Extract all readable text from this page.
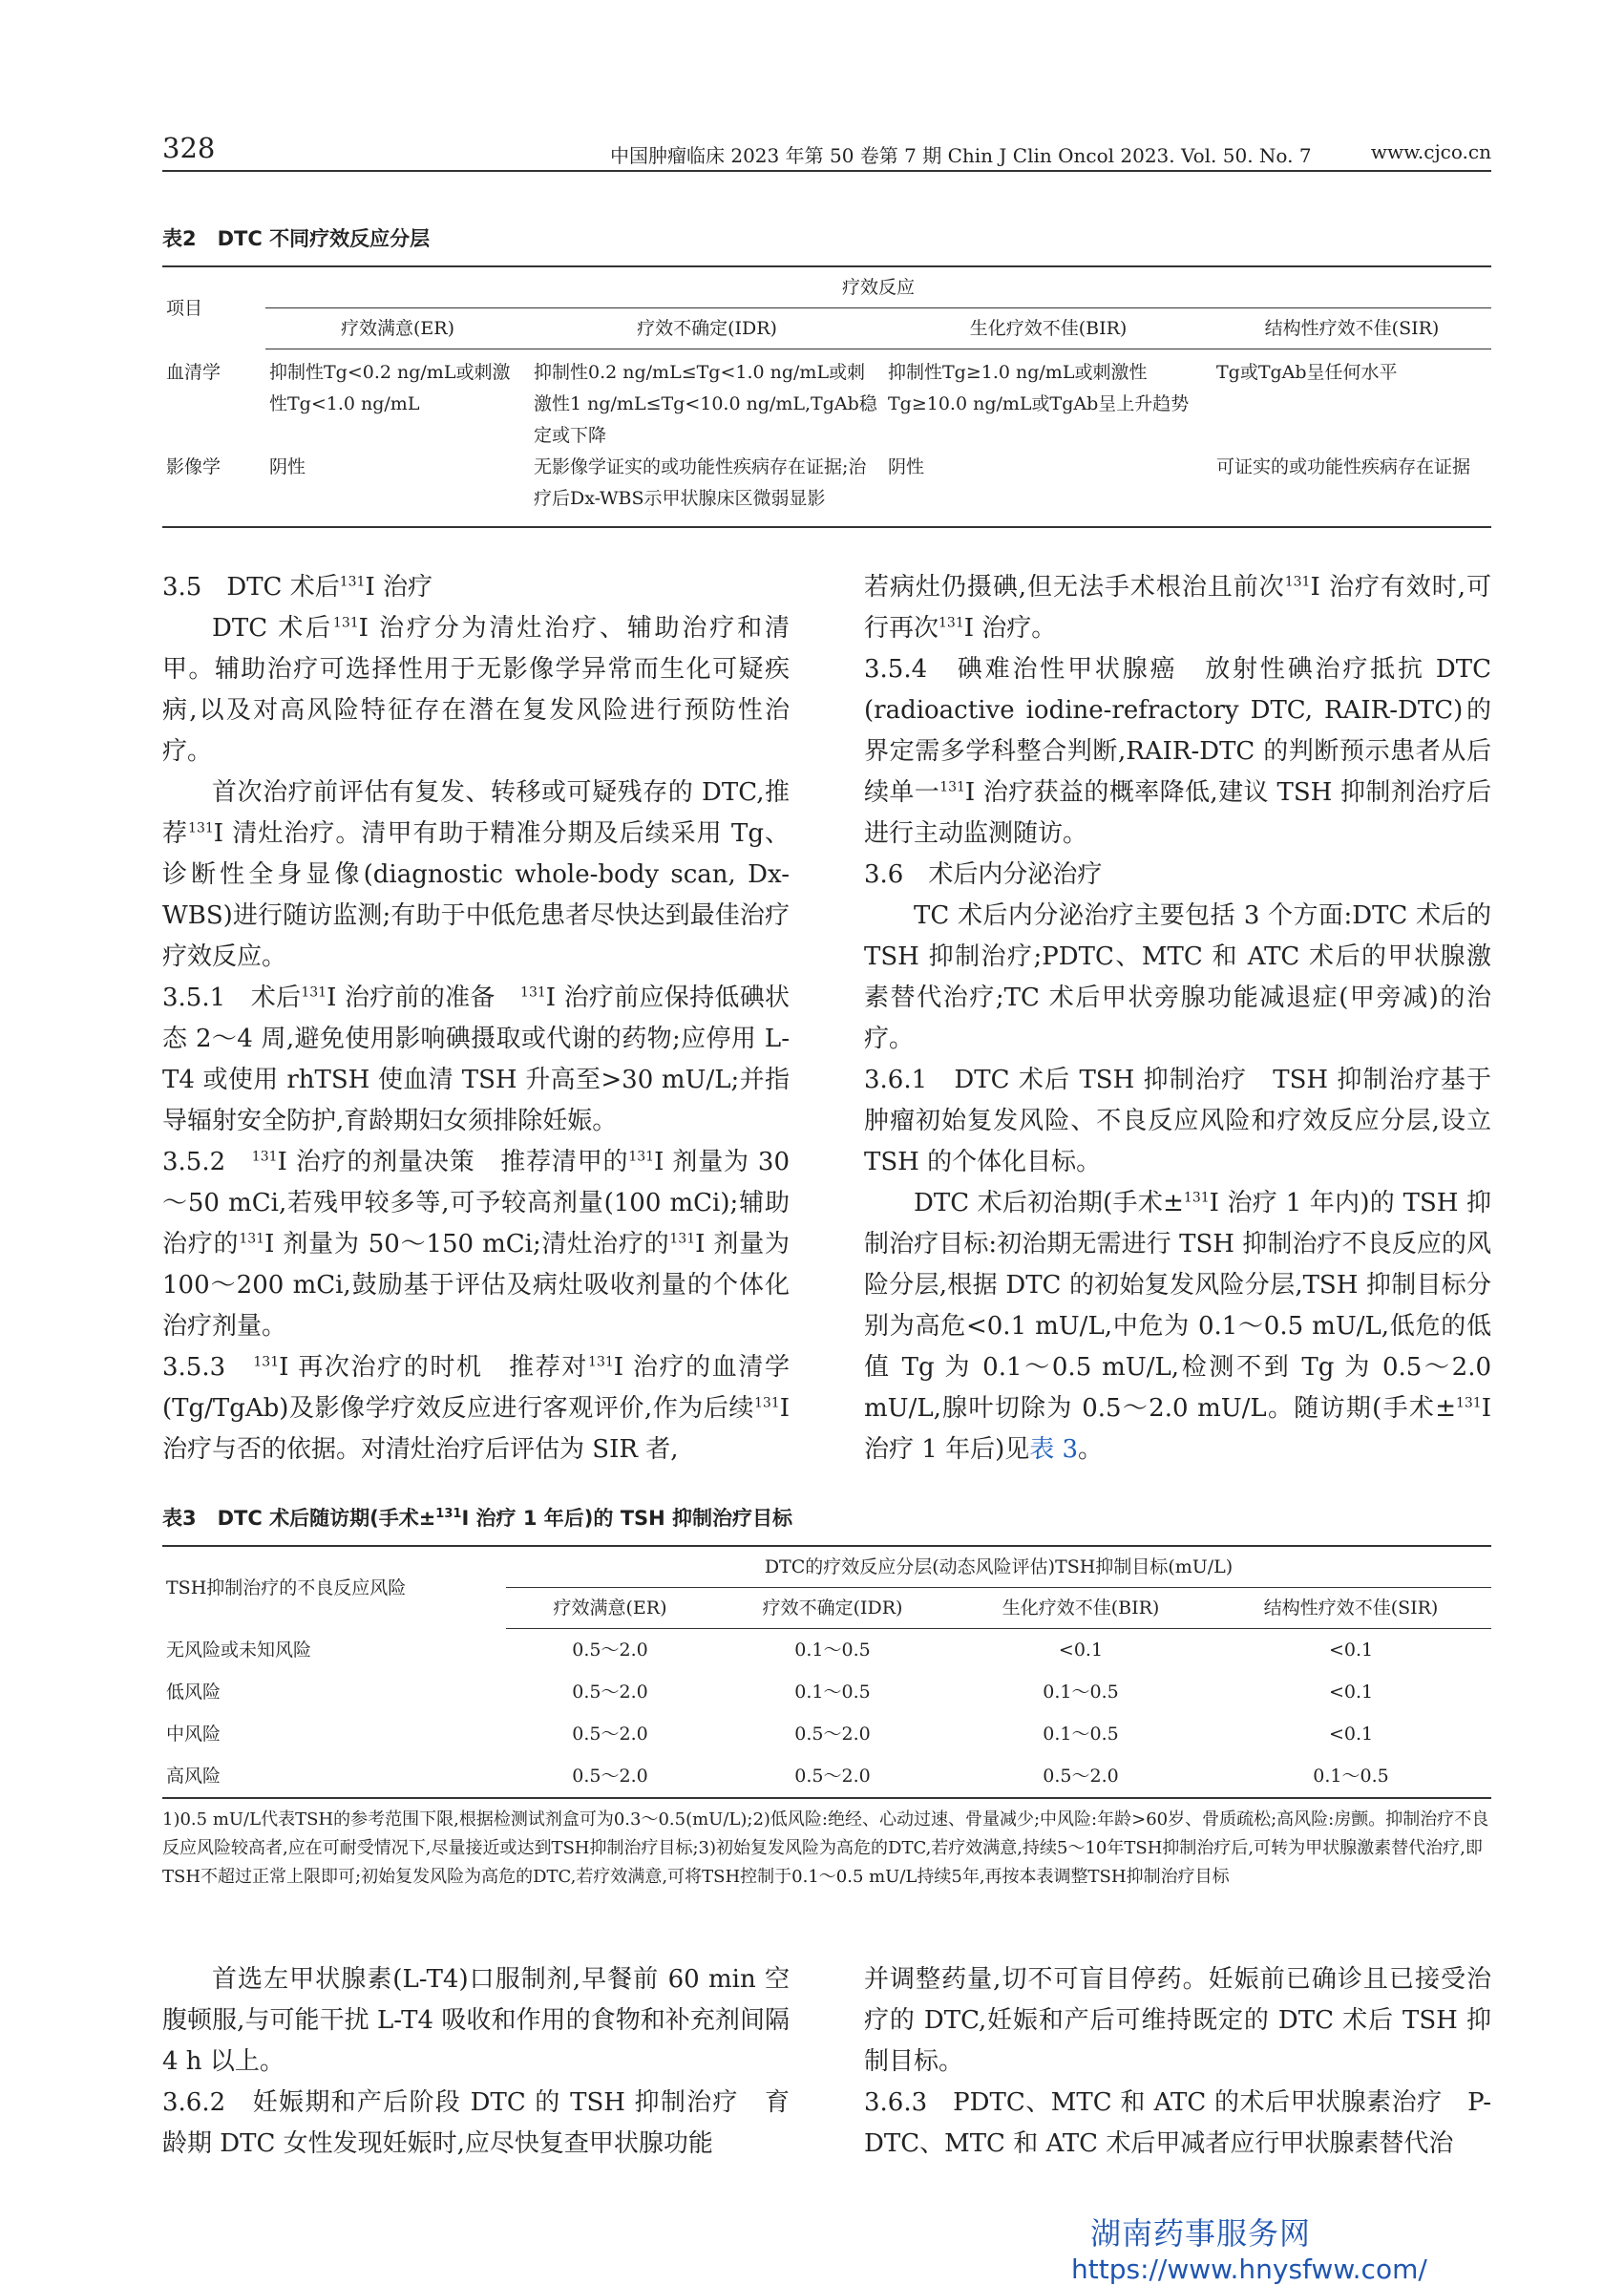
328	中国肿瘤临床 2023 年第 50 卷第 7 期 Chin J Clin Oncol 2023. Vol. 50. No. 7	www.cjco.cn
表2 DTC 不同疗效反应分层
项目	疗效反应			
	疗效满意(ER)	疗效不确定(IDR)	生化疗效不佳(BIR)	结构性疗效不佳(SIR)
血清学	抑制性Tg<0.2 ng/mL或刺激性Tg<1.0 ng/mL	抑制性0.2 ng/mL≤Tg<1.0 ng/mL或刺激性1 ng/mL≤Tg<10.0 ng/mL,TgAb稳定或下降	抑制性Tg≥1.0 ng/mL或刺激性Tg≥10.0 ng/mL或TgAb呈上升趋势	Tg或TgAb呈任何水平
影像学	阴性	无影像学证实的或功能性疾病存在证据;治疗后Dx-WBS示甲状腺床区微弱显影	阴性	可证实的或功能性疾病存在证据

3.5　DTC 术后$^{131}$I 治疗

DTC 术后$^{131}$I 治疗分为清灶治疗、辅助治疗和清甲。辅助治疗可选择性用于无影像学异常而生化可疑疾病,以及对高风险特征存在潜在复发风险进行预防性治疗。

首次治疗前评估有复发、转移或可疑残存的 DTC,推荐$^{131}$I 清灶治疗。清甲有助于精准分期及后续采用 Tg、诊断性全身显像(diagnostic whole-body scan, Dx-WBS)进行随访监测;有助于中低危患者尽快达到最佳治疗疗效反应。

3.5.1　术后$^{131}$I 治疗前的准备　$^{131}$I 治疗前应保持低碘状态 2～4 周,避免使用影响碘摄取或代谢的药物;应停用 L-T4 或使用 rhTSH 使血清 TSH 升高至>30 mU/L;并指导辐射安全防护,育龄期妇女须排除妊娠。

3.5.2　$^{131}$I 治疗的剂量决策　推荐清甲的$^{131}$I 剂量为 30～50 mCi,若残甲较多等,可予较高剂量(100 mCi);辅助治疗的$^{131}$I 剂量为 50～150 mCi;清灶治疗的$^{131}$I 剂量为 100～200 mCi,鼓励基于评估及病灶吸收剂量的个体化治疗剂量。

3.5.3　$^{131}$I 再次治疗的时机　推荐对$^{131}$I 治疗的血清学(Tg/TgAb)及影像学疗效反应进行客观评价,作为后续$^{131}$I 治疗与否的依据。对清灶治疗后评估为 SIR 者,

若病灶仍摄碘,但无法手术根治且前次$^{131}$I 治疗有效时,可行再次$^{131}$I 治疗。

3.5.4　碘难治性甲状腺癌　放射性碘治疗抵抗 DTC (radioactive iodine-refractory DTC, RAIR-DTC)的界定需多学科整合判断,RAIR-DTC 的判断预示患者从后续单一$^{131}$I 治疗获益的概率降低,建议 TSH 抑制剂治疗后进行主动监测随访。

3.6　术后内分泌治疗

TC 术后内分泌治疗主要包括 3 个方面:DTC 术后的 TSH 抑制治疗;PDTC、MTC 和 ATC 术后的甲状腺激素替代治疗;TC 术后甲状旁腺功能减退症(甲旁减)的治疗。

3.6.1　DTC 术后 TSH 抑制治疗　TSH 抑制治疗基于肿瘤初始复发风险、不良反应风险和疗效反应分层,设立 TSH 的个体化目标。

DTC 术后初治期(手术±$^{131}$I 治疗 1 年内)的 TSH 抑制治疗目标:初治期无需进行 TSH 抑制治疗不良反应的风险分层,根据 DTC 的初始复发风险分层,TSH 抑制目标分别为高危<0.1 mU/L,中危为 0.1～0.5 mU/L,低危的低值 Tg 为 0.1～0.5 mU/L,检测不到 Tg 为 0.5～2.0 mU/L,腺叶切除为 0.5～2.0 mU/L。随访期(手术±$^{131}$I 治疗 1 年后)见表 3。

表3 DTC 术后随访期(手术±$^{131}$I 治疗 1 年后)的 TSH 抑制治疗目标
TSH抑制治疗的不良反应风险	DTC的疗效反应分层(动态风险评估)TSH抑制目标(mU/L)			
	疗效满意(ER)	疗效不确定(IDR)	生化疗效不佳(BIR)	结构性疗效不佳(SIR)
无风险或未知风险	0.5～2.0	0.1～0.5	<0.1	<0.1
低风险	0.5～2.0	0.1～0.5	0.1～0.5	<0.1
中风险	0.5～2.0	0.5～2.0	0.1～0.5	<0.1
高风险	0.5～2.0	0.5～2.0	0.5～2.0	0.1～0.5
1)0.5 mU/L代表TSH的参考范围下限,根据检测试剂盒可为0.3～0.5(mU/L);2)低风险:绝经、心动过速、骨量减少;中风险:年龄>60岁、骨质疏松;高风险:房颤。抑制治疗不良反应风险较高者,应在可耐受情况下,尽量接近或达到TSH抑制治疗目标;3)初始复发风险为高危的DTC,若疗效满意,持续5～10年TSH抑制治疗后,可转为甲状腺激素替代治疗,即TSH不超过正常上限即可;初始复发风险为高危的DTC,若疗效满意,可将TSH控制于0.1～0.5 mU/L持续5年,再按本表调整TSH抑制治疗目标

首选左甲状腺素(L-T4)口服制剂,早餐前 60 min 空腹顿服,与可能干扰 L-T4 吸收和作用的食物和补充剂间隔 4 h 以上。

3.6.2　妊娠期和产后阶段 DTC 的 TSH 抑制治疗　育龄期 DTC 女性发现妊娠时,应尽快复查甲状腺功能

并调整药量,切不可盲目停药。妊娠前已确诊且已接受治疗的 DTC,妊娠和产后可维持既定的 DTC 术后 TSH 抑制目标。

3.6.3　PDTC、MTC 和 ATC 的术后甲状腺素治疗　P-DTC、MTC 和 ATC 术后甲减者应行甲状腺素替代治

湖南药事服务网
https://www.hnysfww.com/
